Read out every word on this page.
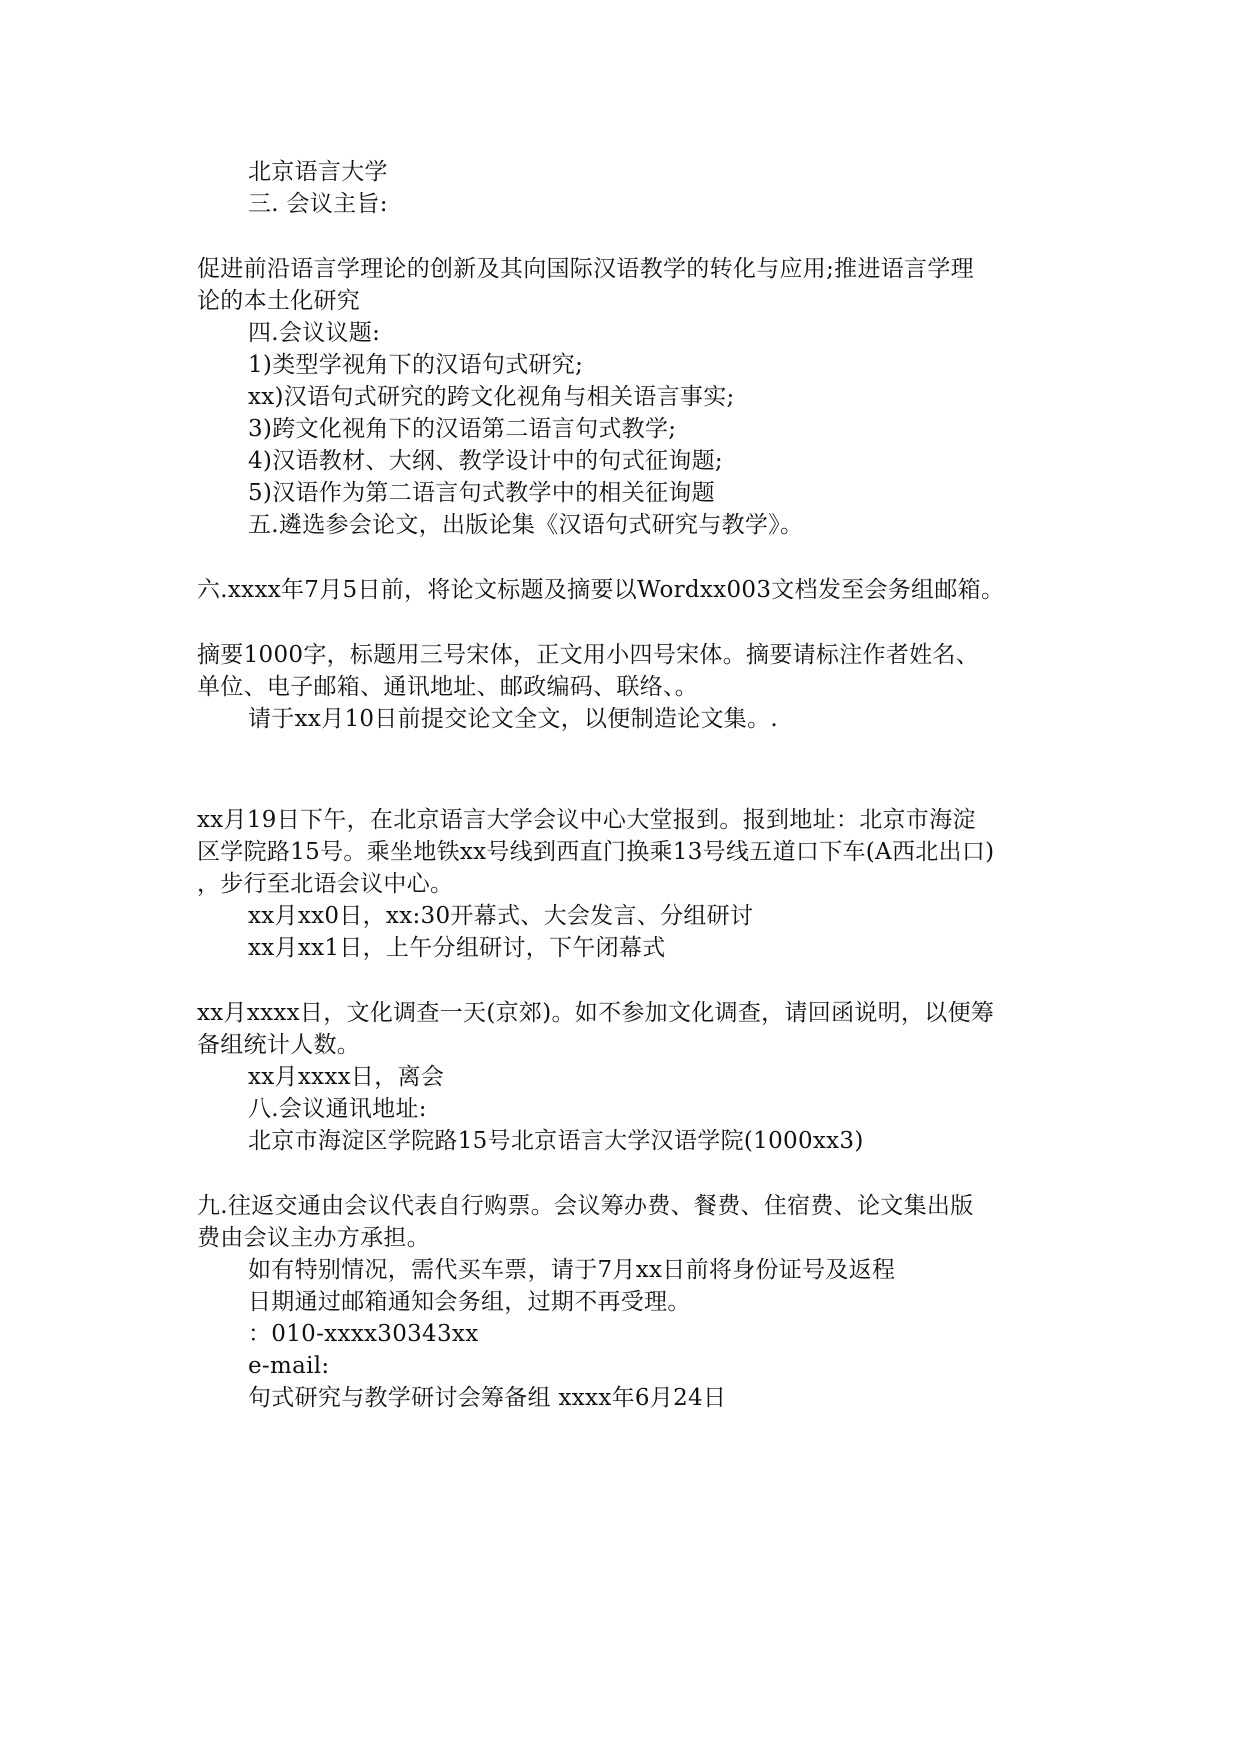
北京语言大学
三. 会议主旨:
促进前沿语言学理论的创新及其向国际汉语教学的转化与应用;推进语言学理
论的本土化研究
四.会议议题:
1)类型学视角下的汉语句式研究;
xx)汉语句式研究的跨文化视角与相关语言事实;
3)跨文化视角下的汉语第二语言句式教学;
4)汉语教材、大纲、教学设计中的句式征询题;
5)汉语作为第二语言句式教学中的相关征询题
五.遴选参会论文，出版论集《汉语句式研究与教学》。
六.xxxx年7月5日前，将论文标题及摘要以Wordxx003文档发至会务组邮箱。
摘要1000字，标题用三号宋体，正文用小四号宋体。摘要请标注作者姓名、
单位、电子邮箱、通讯地址、邮政编码、联络、。
请于xx月10日前提交论文全文，以便制造论文集。.
xx月19日下午，在北京语言大学会议中心大堂报到。报到地址：北京市海淀
区学院路15号。乘坐地铁xx号线到西直门换乘13号线五道口下车(A西北出口)
，步行至北语会议中心。
xx月xx0日，xx:30开幕式、大会发言、分组研讨
xx月xx1日，上午分组研讨，下午闭幕式
xx月xxxx日，文化调查一天(京郊)。如不参加文化调查，请回函说明，以便筹
备组统计人数。
xx月xxxx日，离会
八.会议通讯地址:
北京市海淀区学院路15号北京语言大学汉语学院(1000xx3)
九.往返交通由会议代表自行购票。会议筹办费、餐费、住宿费、论文集出版
费由会议主办方承担。
如有特别情况，需代买车票，请于7月xx日前将身份证号及返程
日期通过邮箱通知会务组，过期不再受理。
：010-xxxx30343xx
e-mail:
句式研究与教学研讨会筹备组 xxxx年6月24日
